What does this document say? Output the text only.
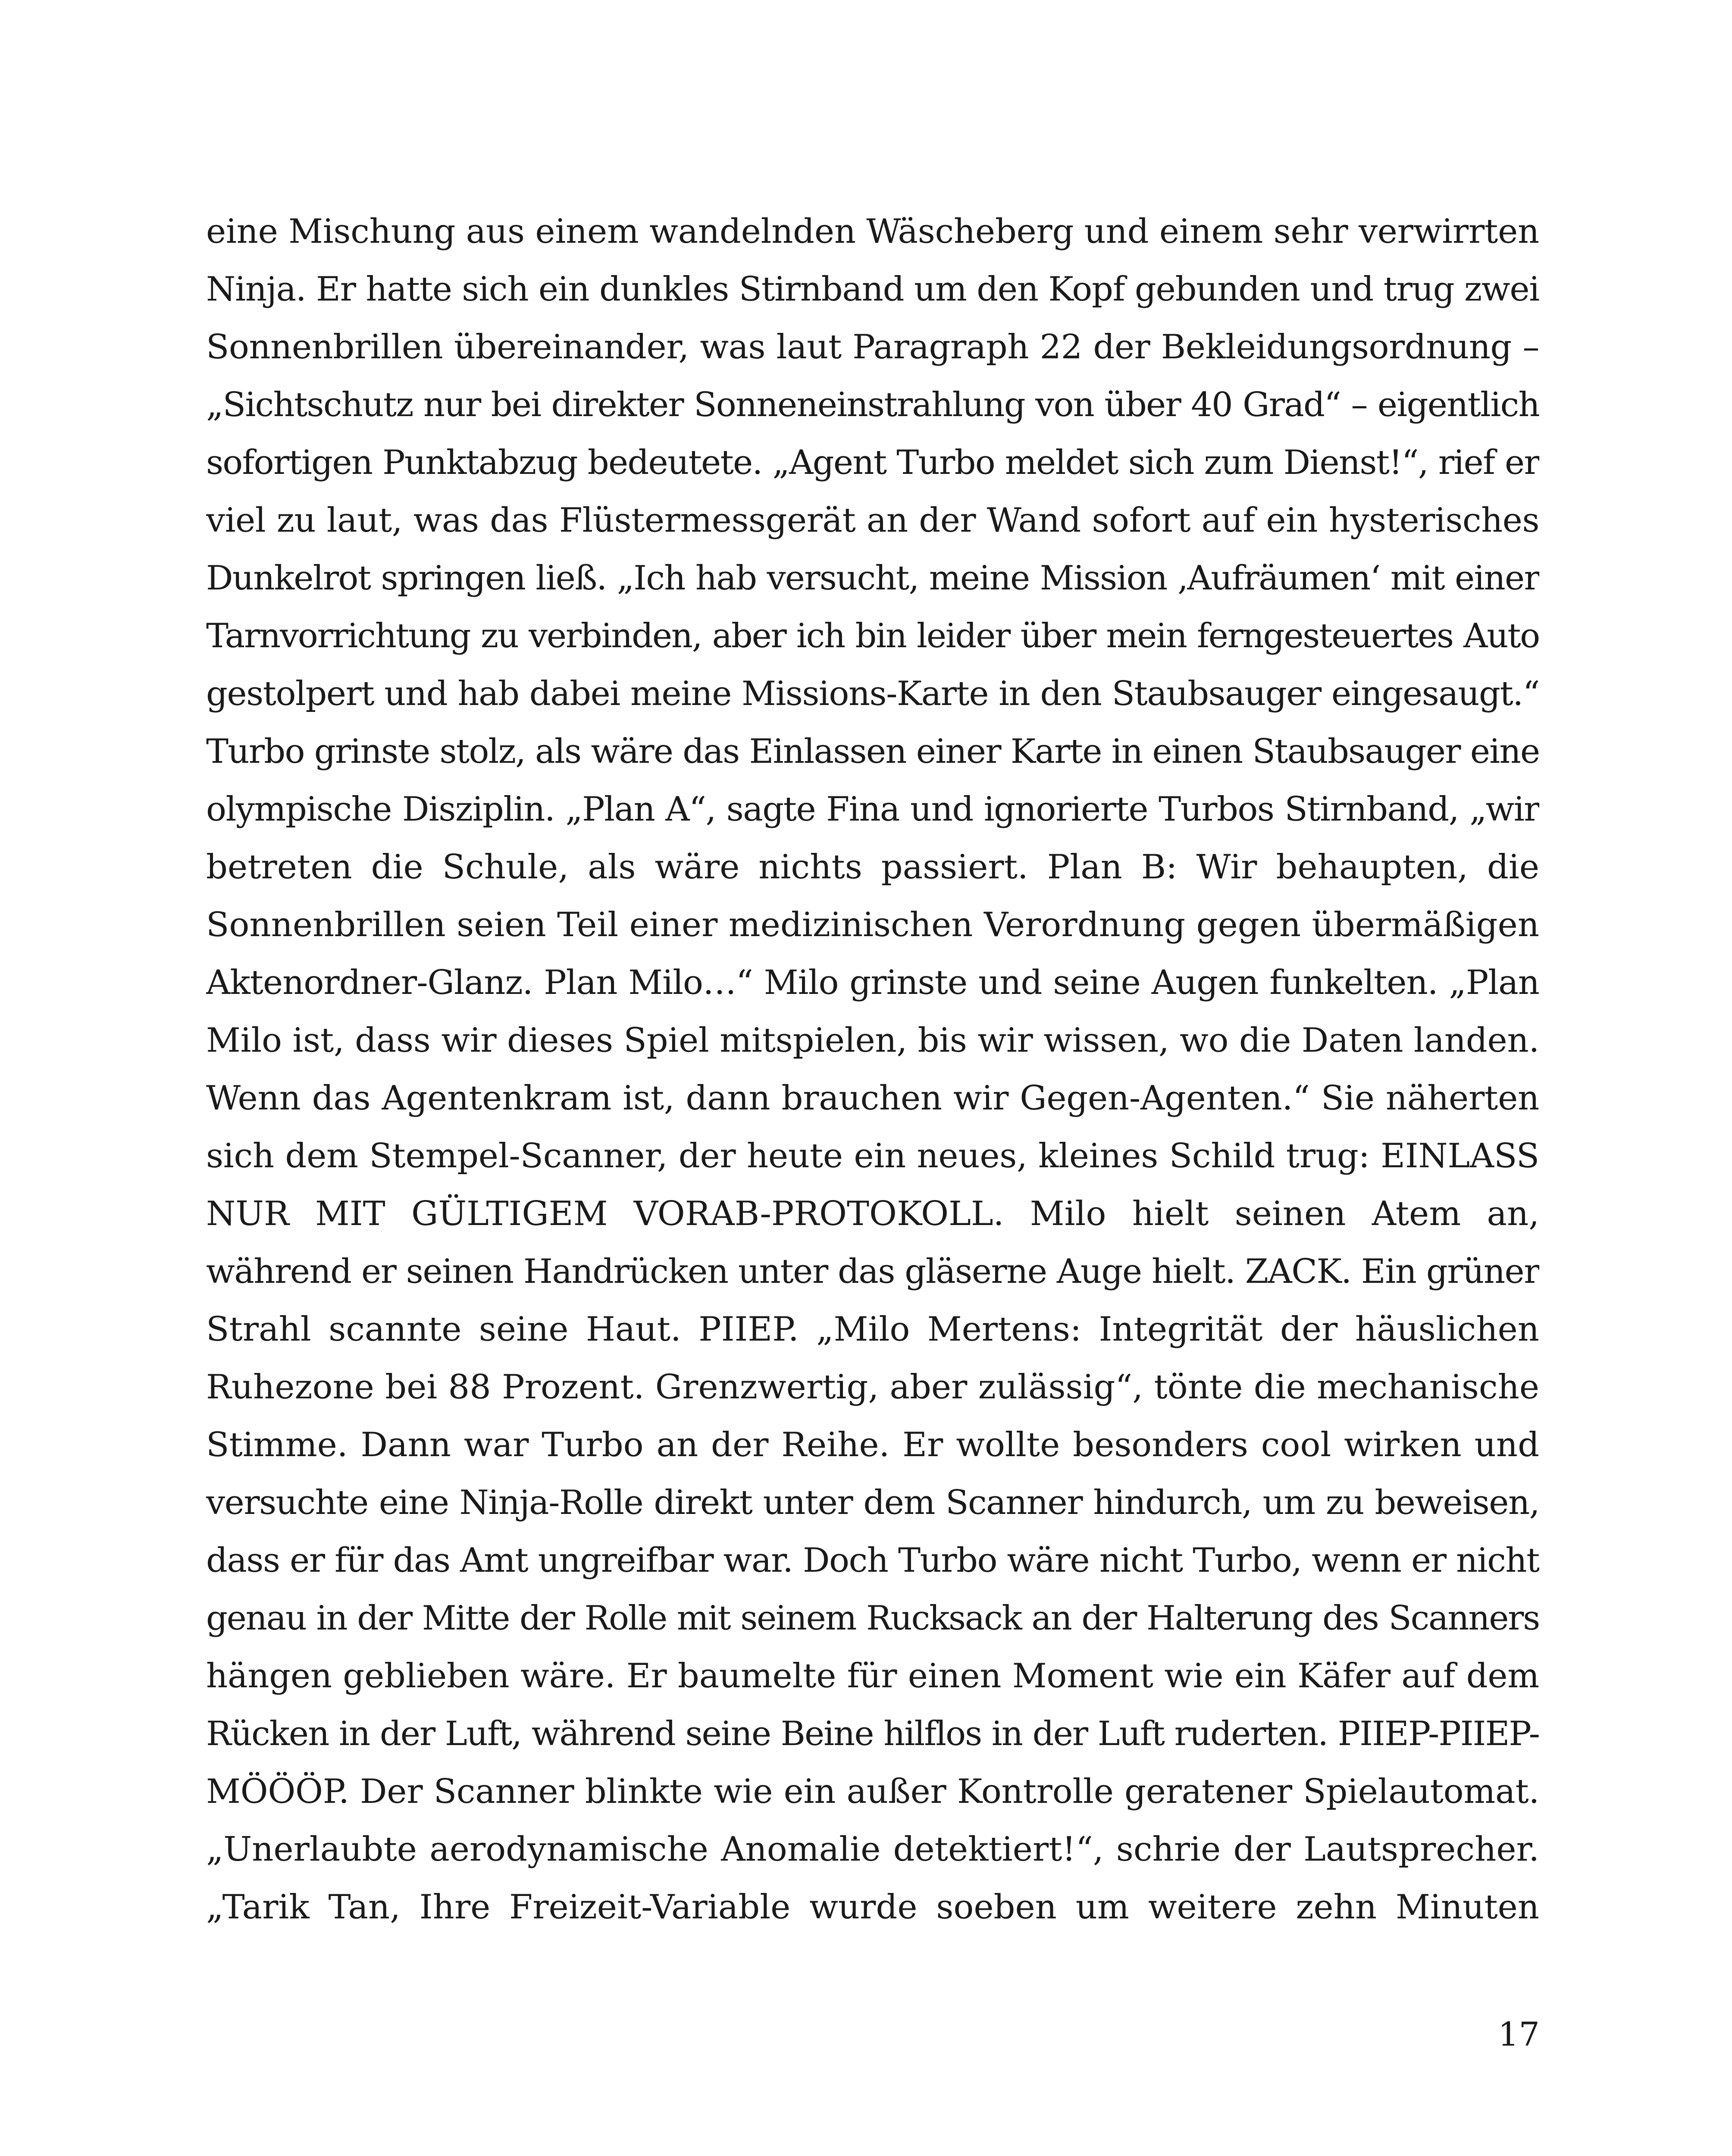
eine Mischung aus einem wandelnden Wäscheberg und einem sehr verwirrten
Ninja. Er hatte sich ein dunkles Stirnband um den Kopf gebunden und trug zwei
Sonnenbrillen übereinander, was laut Paragraph 22 der Bekleidungsordnung –
„Sichtschutz nur bei direkter Sonneneinstrahlung von über 40 Grad“ – eigentlich
sofortigen Punktabzug bedeutete. „Agent Turbo meldet sich zum Dienst!“, rief er
viel zu laut, was das Flüstermessgerät an der Wand sofort auf ein hysterisches
Dunkelrot springen ließ. „Ich hab versucht, meine Mission ‚Aufräumen‘ mit einer
Tarnvorrichtung zu verbinden, aber ich bin leider über mein ferngesteuertes Auto
gestolpert und hab dabei meine Missions-Karte in den Staubsauger eingesaugt.“
Turbo grinste stolz, als wäre das Einlassen einer Karte in einen Staubsauger eine
olympische Disziplin. „Plan A“, sagte Fina und ignorierte Turbos Stirnband, „wir
betreten die Schule, als wäre nichts passiert. Plan B: Wir behaupten, die
Sonnenbrillen seien Teil einer medizinischen Verordnung gegen übermäßigen
Aktenordner-Glanz. Plan Milo…“ Milo grinste und seine Augen funkelten. „Plan
Milo ist, dass wir dieses Spiel mitspielen, bis wir wissen, wo die Daten landen.
Wenn das Agentenkram ist, dann brauchen wir Gegen-Agenten.“ Sie näherten
sich dem Stempel-Scanner, der heute ein neues, kleines Schild trug: EINLASS
NUR MIT GÜLTIGEM VORAB-PROTOKOLL. Milo hielt seinen Atem an,
während er seinen Handrücken unter das gläserne Auge hielt. ZACK. Ein grüner
Strahl scannte seine Haut. PIIEP. „Milo Mertens: Integrität der häuslichen
Ruhezone bei 88 Prozent. Grenzwertig, aber zulässig“, tönte die mechanische
Stimme. Dann war Turbo an der Reihe. Er wollte besonders cool wirken und
versuchte eine Ninja-Rolle direkt unter dem Scanner hindurch, um zu beweisen,
dass er für das Amt ungreifbar war. Doch Turbo wäre nicht Turbo, wenn er nicht
genau in der Mitte der Rolle mit seinem Rucksack an der Halterung des Scanners
hängen geblieben wäre. Er baumelte für einen Moment wie ein Käfer auf dem
Rücken in der Luft, während seine Beine hilflos in der Luft ruderten. PIIEP-PIIEP-
MÖÖÖP. Der Scanner blinkte wie ein außer Kontrolle geratener Spielautomat.
„Unerlaubte aerodynamische Anomalie detektiert!“, schrie der Lautsprecher.
„Tarik Tan, Ihre Freizeit-Variable wurde soeben um weitere zehn Minuten

17
